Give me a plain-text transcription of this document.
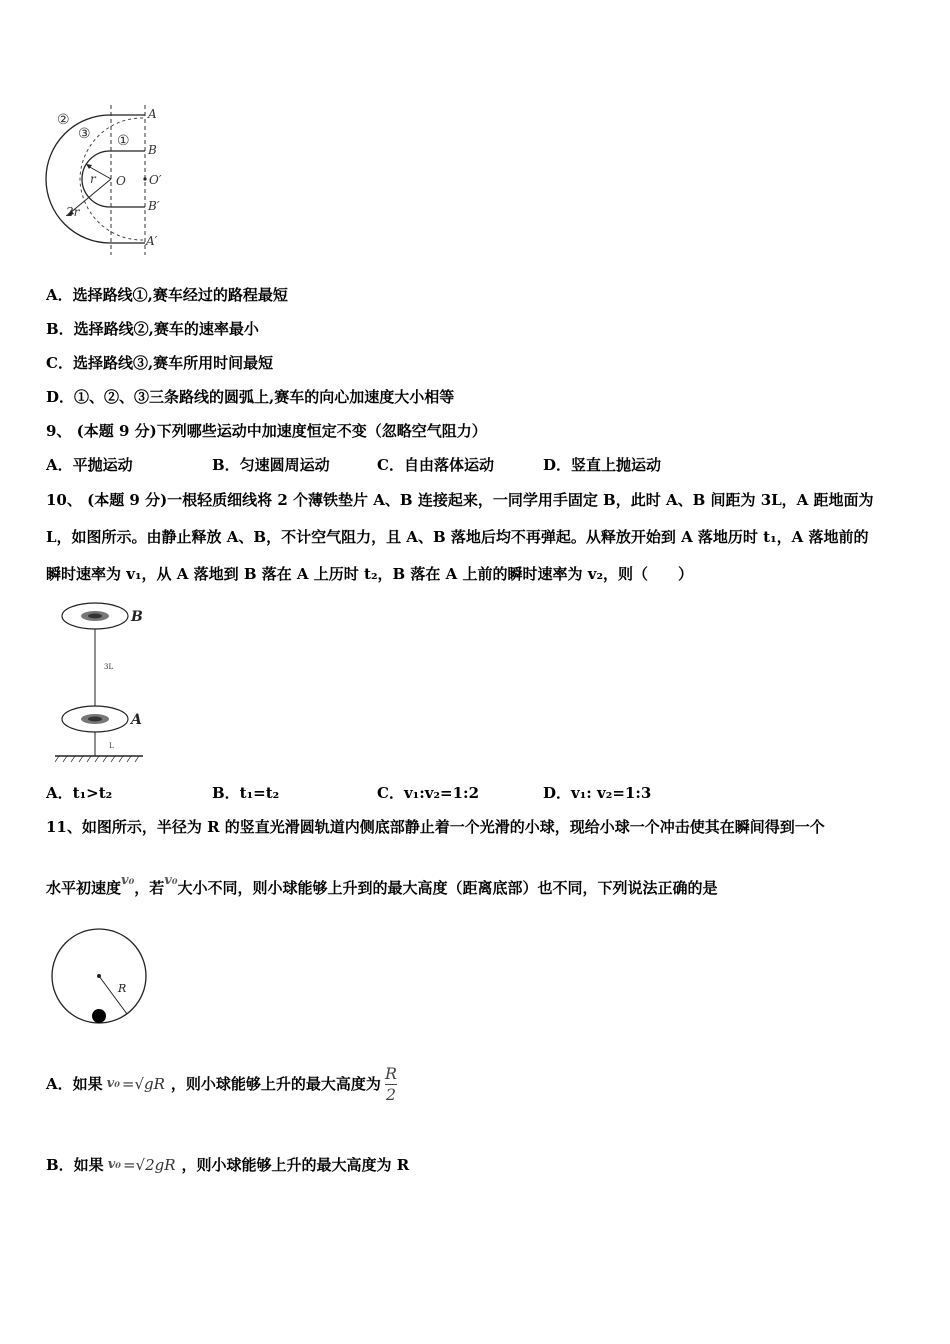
②
③ ①
A
B
O O′
B′
A′
r
2r
A．选择路线①,赛车经过的路程最短
B．选择路线②,赛车的速率最小
C．选择路线③,赛车所用时间最短
D．①、②、③三条路线的圆弧上,赛车的向心加速度大小相等
9、 (本题 9 分)下列哪些运动中加速度恒定不变（忽略空气阻力）
A．平抛运动	B．匀速圆周运动	C．自由落体运动	D．竖直上抛运动
10、 (本题 9 分)一根轻质细线将 2 个薄铁垫片 A、B 连接起来，一同学用手固定 B，此时 A、B 间距为 3L，A 距地面为
L，如图所示。由静止释放 A、B，不计空气阻力，且 A、B 落地后均不再弹起。从释放开始到 A 落地历时 t₁，A 落地前的
瞬时速率为 v₁，从 A 落地到 B 落在 A 上历时 t₂，B 落在 A 上前的瞬时速率为 v₂，则（　　）
B
A
3L
L
A．t₁>t₂	B．t₁=t₂	C．v₁:v₂=1:2	D．v₁: v₂=1:3
11、如图所示，半径为 R 的竖直光滑圆轨道内侧底部静止着一个光滑的小球，现给小球一个冲击使其在瞬间得到一个
水平初速度v₀，若v₀大小不同，则小球能够上升到的最大高度（距离底部）也不同，下列说法正确的是
R
A．如果 v₀ =√gR ，则小球能够上升的最大高度为 $\frac{R}{2}$
B．如果 v₀ =√2gR ，则小球能够上升的最大高度为 R
